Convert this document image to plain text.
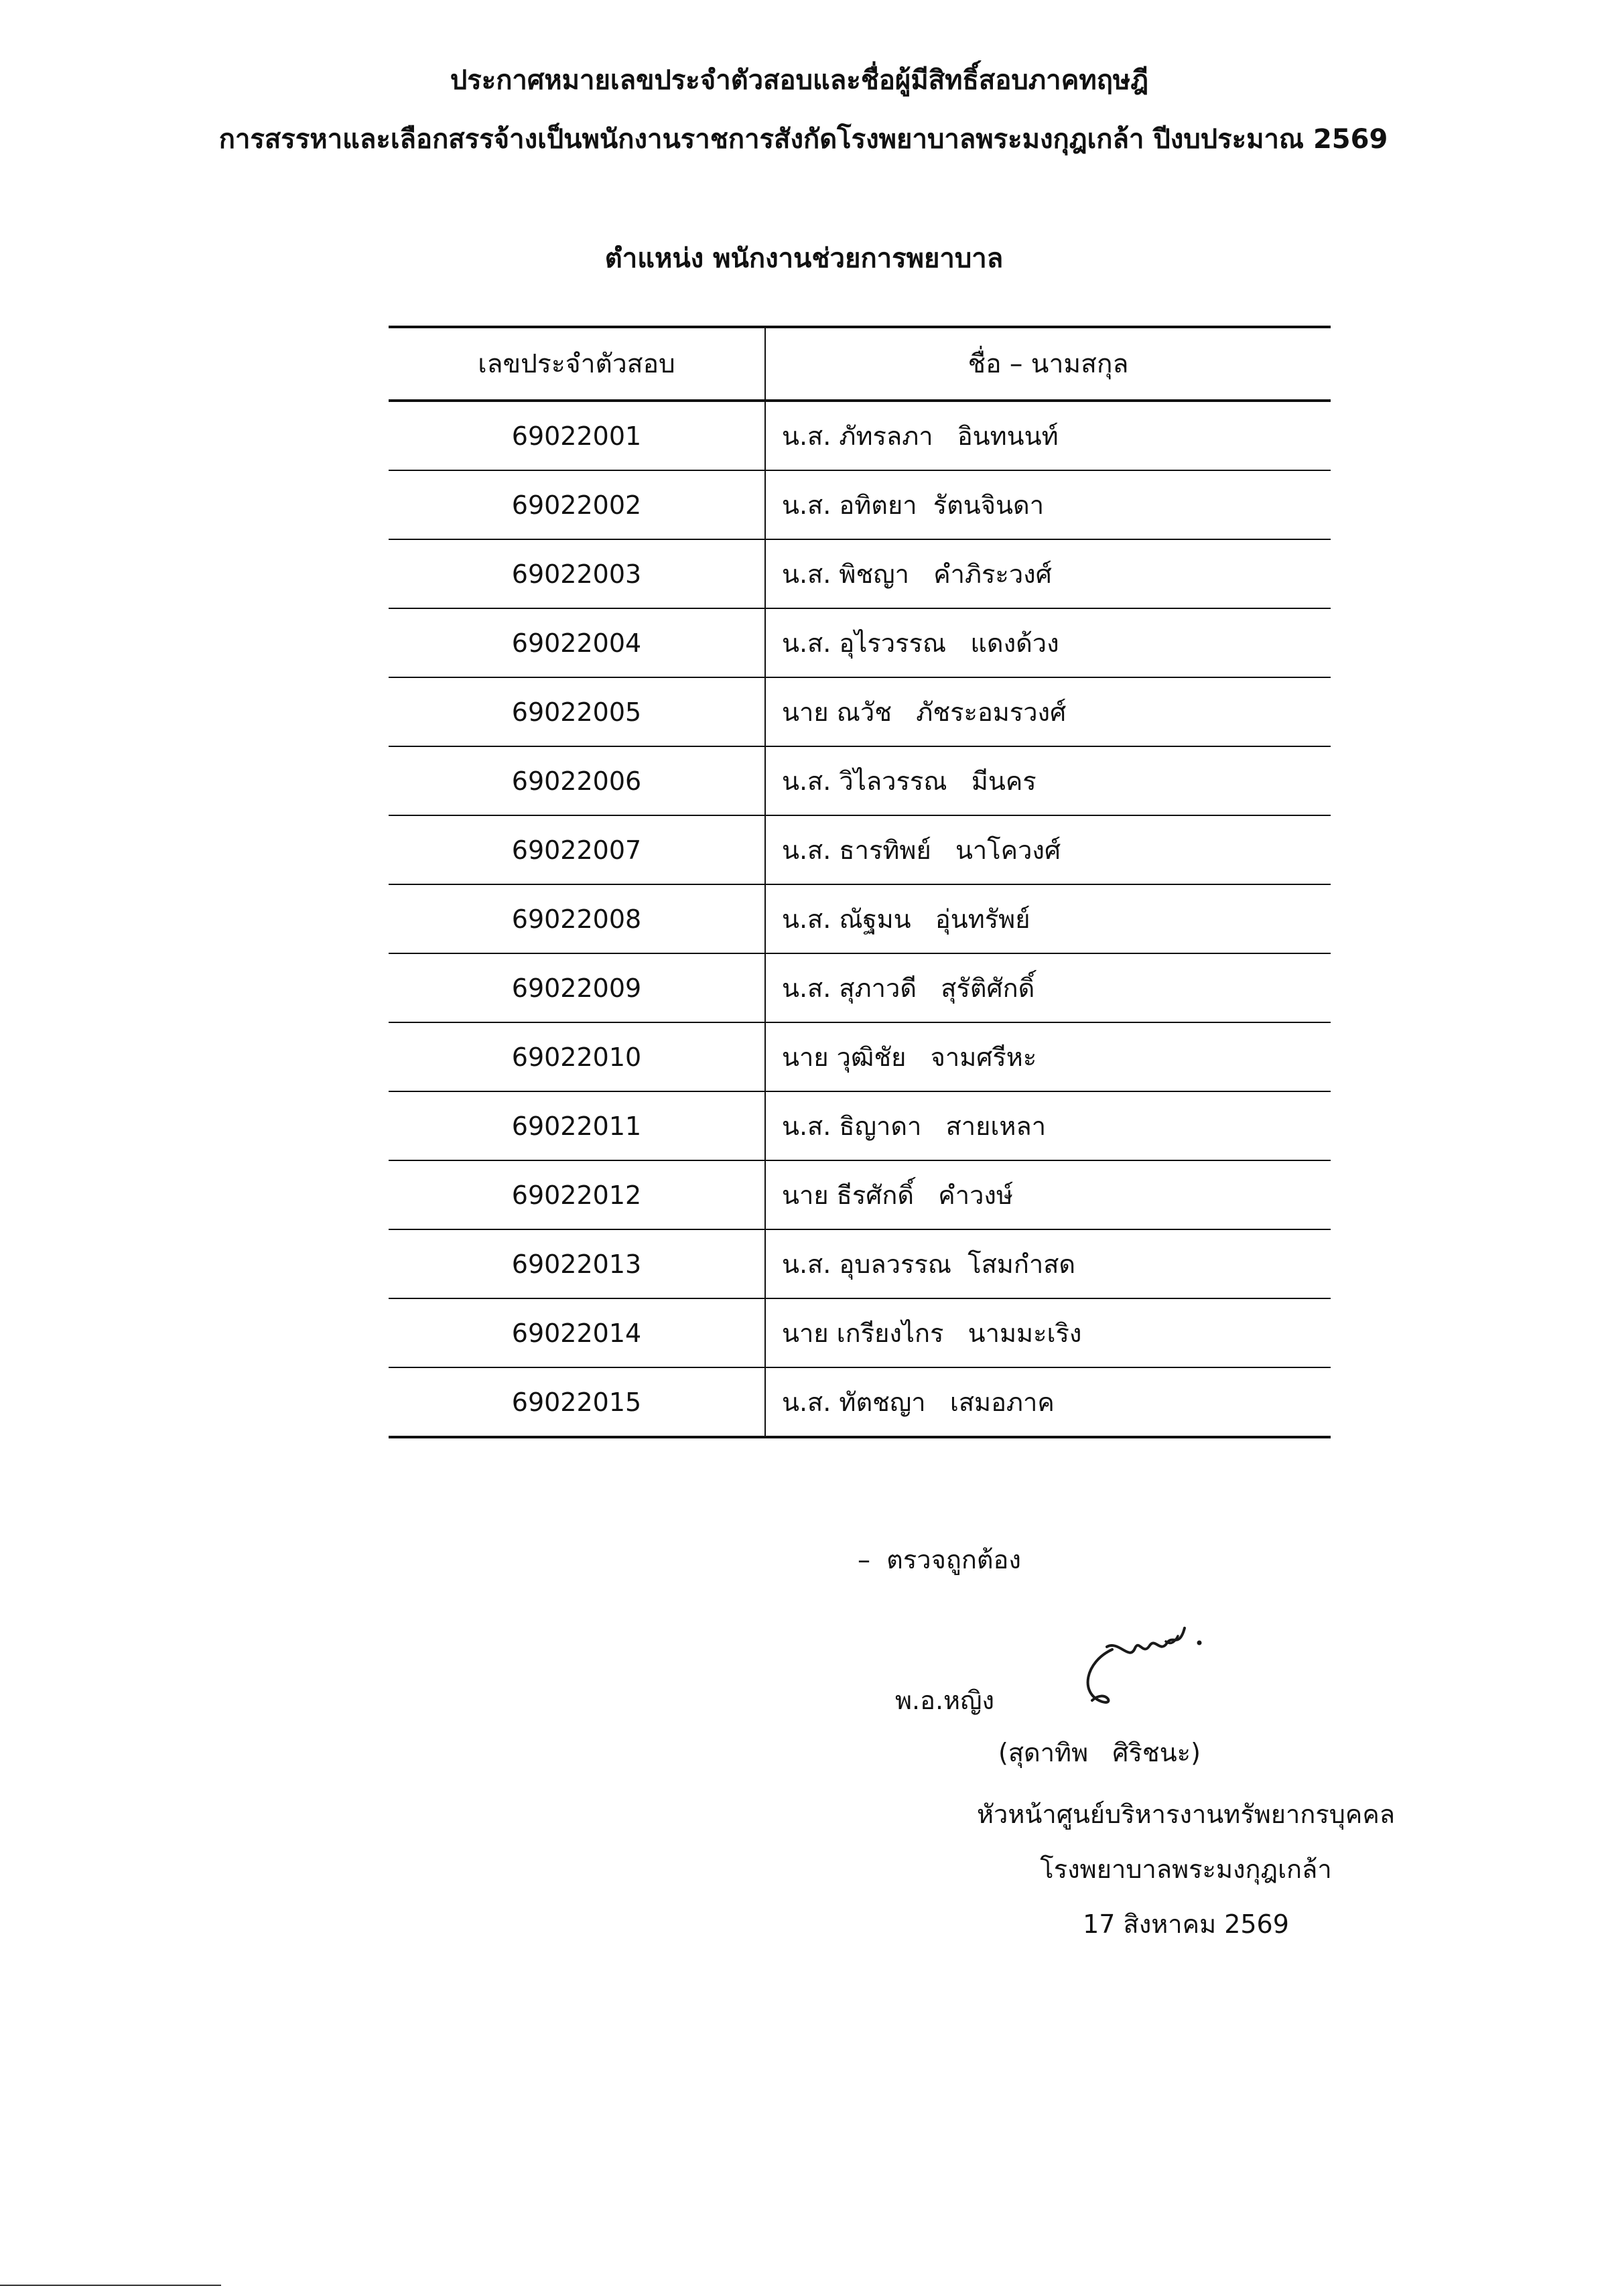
ประกาศหมายเลขประจำตัวสอบและชื่อผู้มีสิทธิ์สอบภาคทฤษฎี
การสรรหาและเลือกสรรจ้างเป็นพนักงานราชการสังกัดโรงพยาบาลพระมงกุฎเกล้า ปีงบประมาณ 2569
ตำแหน่ง พนักงานช่วยการพยาบาล
เลขประจำตัวสอบ	ชื่อ – นามสกุล
69022001	น.ส. ภัทรลภา   อินทนนท์
69022002	น.ส. อทิตยา  รัตนจินดา
69022003	น.ส. พิชญา   คำภิระวงศ์
69022004	น.ส. อุไรวรรณ   แดงด้วง
69022005	นาย ณวัช   ภัชระอมรวงศ์
69022006	น.ส. วิไลวรรณ   มีนคร
69022007	น.ส. ธารทิพย์   นาโควงศ์
69022008	น.ส. ณัฐมน   อุ่นทรัพย์
69022009	น.ส. สุภาวดี   สุรัติศักดิ์
69022010	นาย วุฒิชัย   จามศรีหะ
69022011	น.ส. ธิญาดา   สายเหลา
69022012	นาย ธีรศักดิ์   คำวงษ์
69022013	น.ส. อุบลวรรณ  โสมกำสด
69022014	นาย เกรียงไกร   นามมะเริง
69022015	น.ส. ทัตชญา   เสมอภาค

–  ตรวจถูกต้อง

พ.อ.หญิง

(สุดาทิพ   ศิริชนะ)

หัวหน้าศูนย์บริหารงานทรัพยากรบุคคล

โรงพยาบาลพระมงกุฎเกล้า

17 สิงหาคม 2569
